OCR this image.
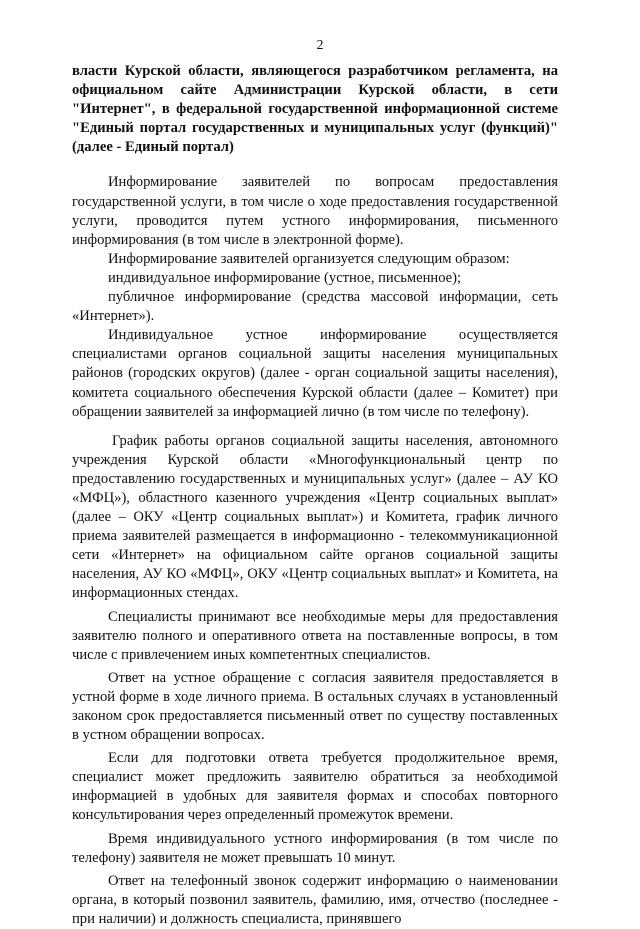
2

власти Курской области, являющегося разработчиком регламента, на официальном сайте Администрации Курской области, в сети "Интернет", в федеральной государственной информационной системе "Единый портал государственных и муниципальных услуг (функций)" (далее - Единый портал)

Информирование заявителей по вопросам предоставления государственной услуги, в том числе о ходе предоставления государственной услуги, проводится путем устного информирования, письменного информирования (в том числе в электронной форме).

Информирование заявителей организуется следующим образом:

индивидуальное информирование (устное, письменное);

публичное информирование (средства массовой информации, сеть «Интернет»).

Индивидуальное устное информирование осуществляется специалистами органов социальной защиты населения муниципальных районов (городских округов) (далее - орган социальной защиты населения), комитета социального обеспечения Курской области (далее – Комитет) при обращении заявителей за информацией лично (в том числе по телефону).

График работы органов социальной защиты населения, автономного учреждения Курской области «Многофункциональный центр по предоставлению государственных и муниципальных услуг» (далее – АУ КО «МФЦ»), областного казенного учреждения «Центр социальных выплат» (далее – ОКУ «Центр социальных выплат») и Комитета, график личного приема заявителей размещается в информационно - телекоммуникационной сети «Интернет» на официальном сайте органов социальной защиты населения, АУ КО «МФЦ», ОКУ «Центр социальных выплат» и Комитета, на информационных стендах.

Специалисты принимают все необходимые меры для предоставления заявителю полного и оперативного ответа на поставленные вопросы, в том числе с привлечением иных компетентных специалистов.

Ответ на устное обращение с согласия заявителя предоставляется в устной форме в ходе личного приема. В остальных случаях в установленный законом срок предоставляется письменный ответ по существу поставленных в устном обращении вопросах.

Если для подготовки ответа требуется продолжительное время, специалист может предложить заявителю обратиться за необходимой информацией в удобных для заявителя формах и способах повторного консультирования через определенный промежуток времени.

Время индивидуального устного информирования (в том числе по телефону) заявителя не может превышать 10 минут.

Ответ на телефонный звонок содержит информацию о наименовании органа, в который позвонил заявитель, фамилию, имя, отчество (последнее - при наличии) и должность специалиста, принявшего
